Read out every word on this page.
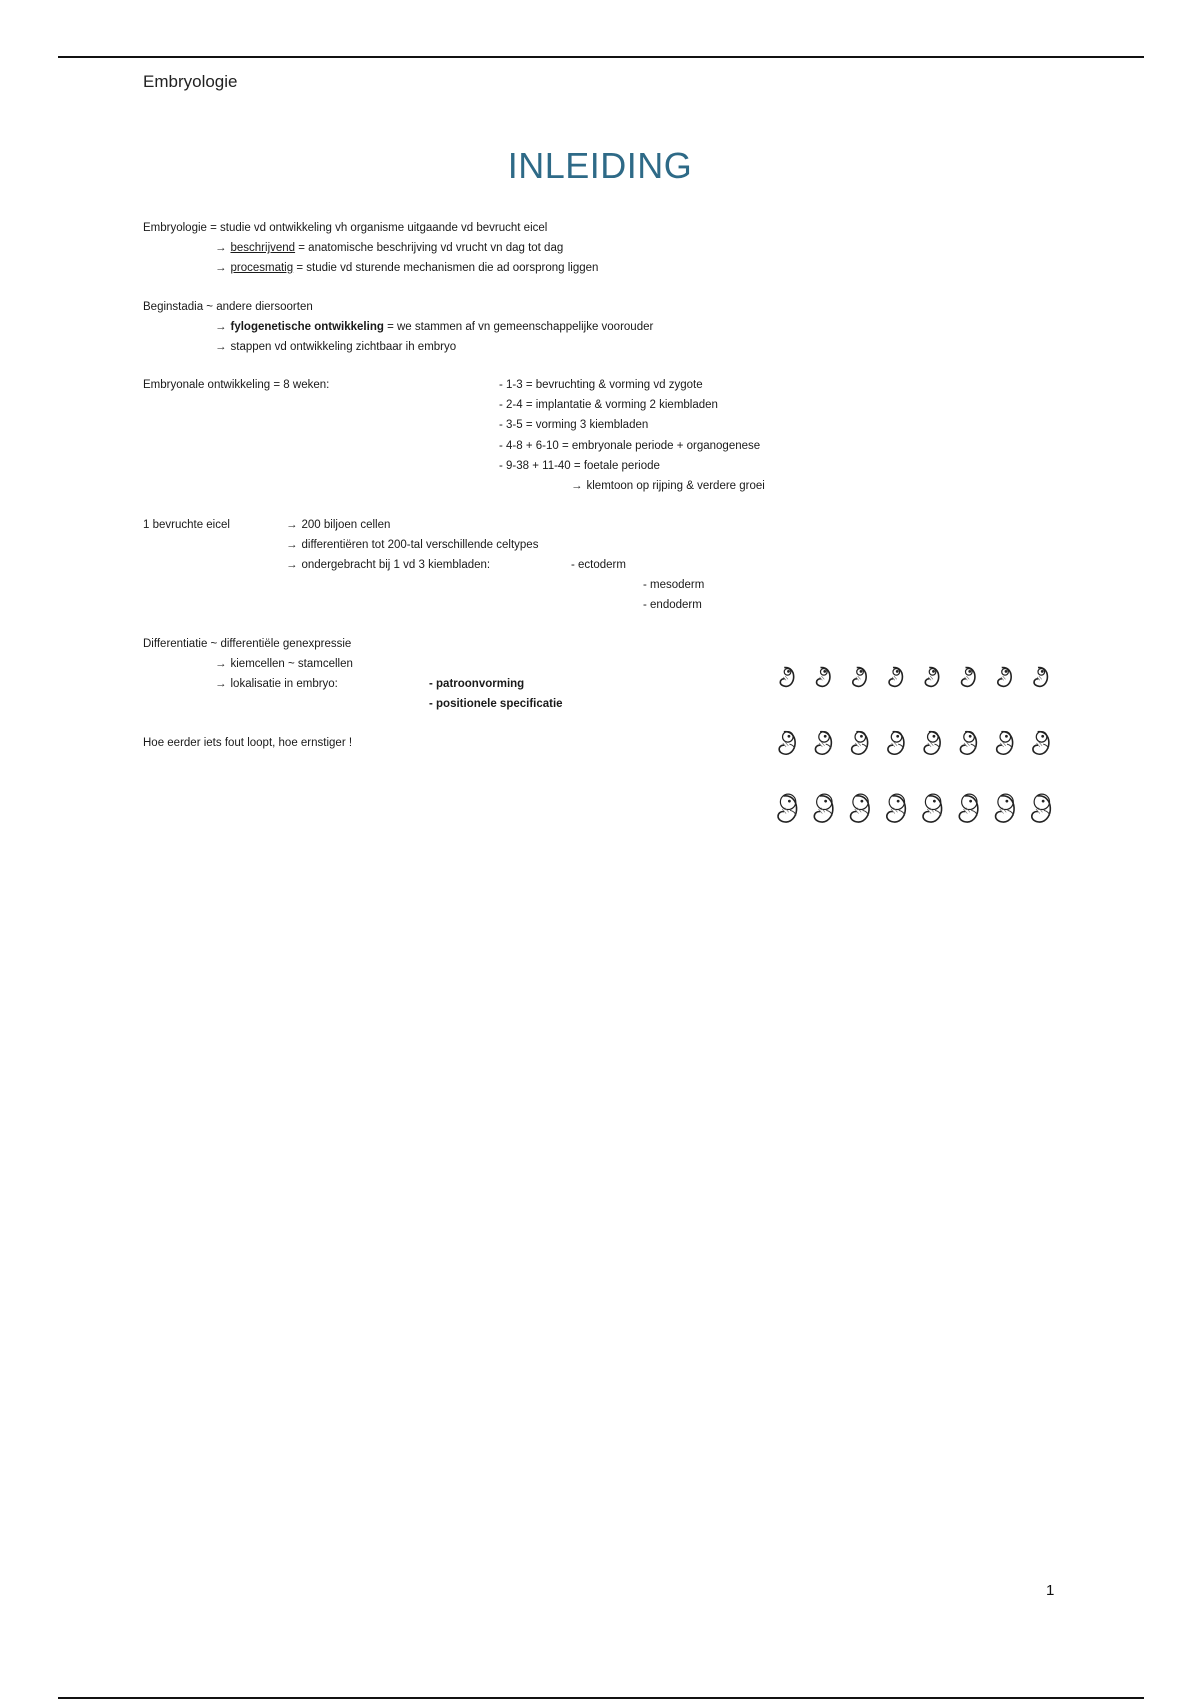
Embryologie
INLEIDING
Embryologie = studie vd ontwikkeling vh organisme uitgaande vd bevrucht eicel
→ beschrijvend = anatomische beschrijving vd vrucht vn dag tot dag
→ procesmatig = studie vd sturende mechanismen die ad oorsprong liggen
Beginstadia ~ andere diersoorten
→ fylogenetische ontwikkeling = we stammen af vn gemeenschappelijke voorouder
→ stappen vd ontwikkeling zichtbaar ih embryo
Embryonale ontwikkeling = 8 weken:	- 1-3 = bevruchting & vorming vd zygote
- 2-4 = implantatie & vorming 2 kiembladen
- 3-5 = vorming 3 kiembladen
- 4-8 + 6-10 = embryonale periode + organogenese
- 9-38 + 11-40 = foetale periode
→ klemtoon op rijping & verdere groei
1 bevruchte eicel	→ 200 biljoen cellen
→ differentiëren tot 200-tal verschillende celtypes
→ ondergebracht bij 1 vd 3 kiembladen:	- ectoderm
- mesoderm
- endoderm
Differentiatie ~ differentiële genexpressie
→ kiemcellen ~ stamcellen
→ lokalisatie in embryo:	- patroonvorming
- positionele specificatie
Hoe eerder iets fout loopt, hoe ernstiger !
1
